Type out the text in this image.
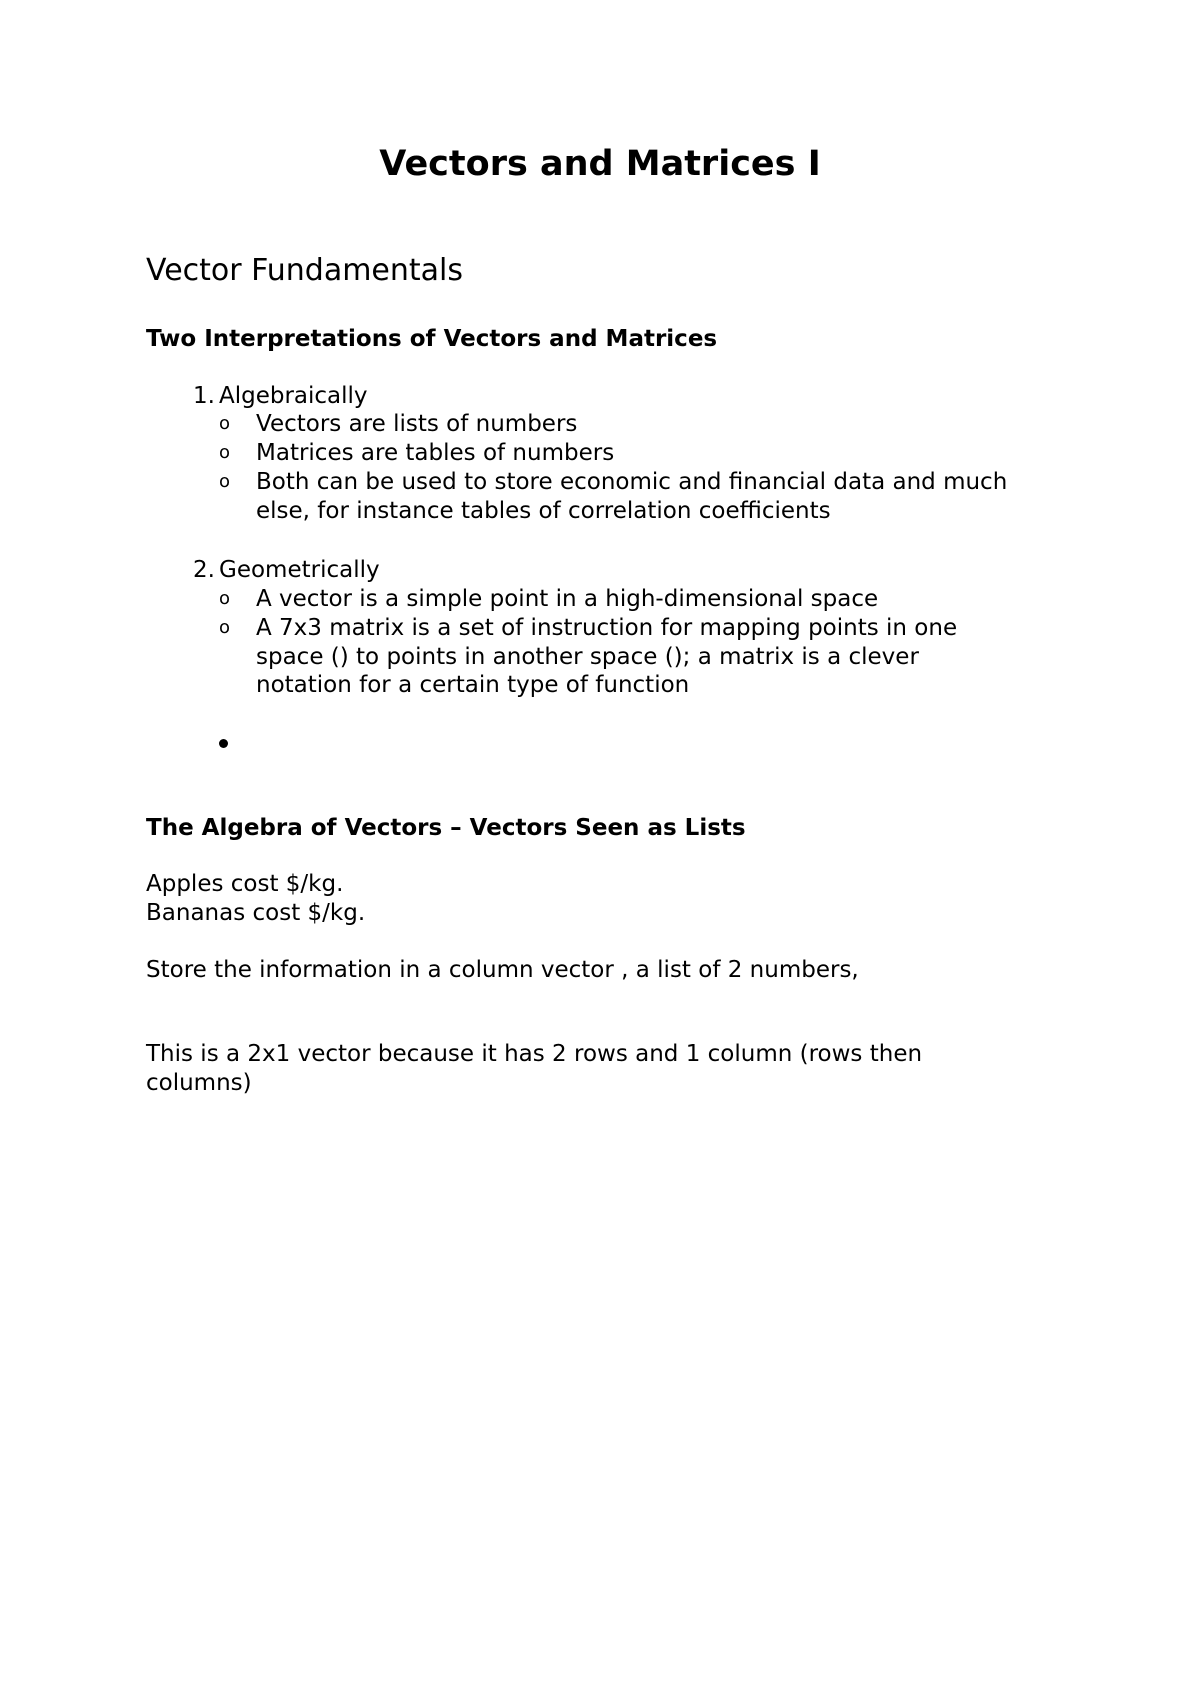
Vectors and Matrices I
Vector Fundamentals
Two Interpretations of Vectors and Matrices
1. Algebraically
o Vectors are lists of numbers
o Matrices are tables of numbers
o Both can be used to store economic and financial data and much
else, for instance tables of correlation coefficients
2. Geometrically
o A vector is a simple point in a high-dimensional space
o A 7x3 matrix is a set of instruction for mapping points in one
space () to points in another space (); a matrix is a clever
notation for a certain type of function
The Algebra of Vectors – Vectors Seen as Lists

Apples cost $/kg.

Bananas cost $/kg.

Store the information in a column vector , a list of 2 numbers,

This is a 2x1 vector because it has 2 rows and 1 column (rows then

columns)
